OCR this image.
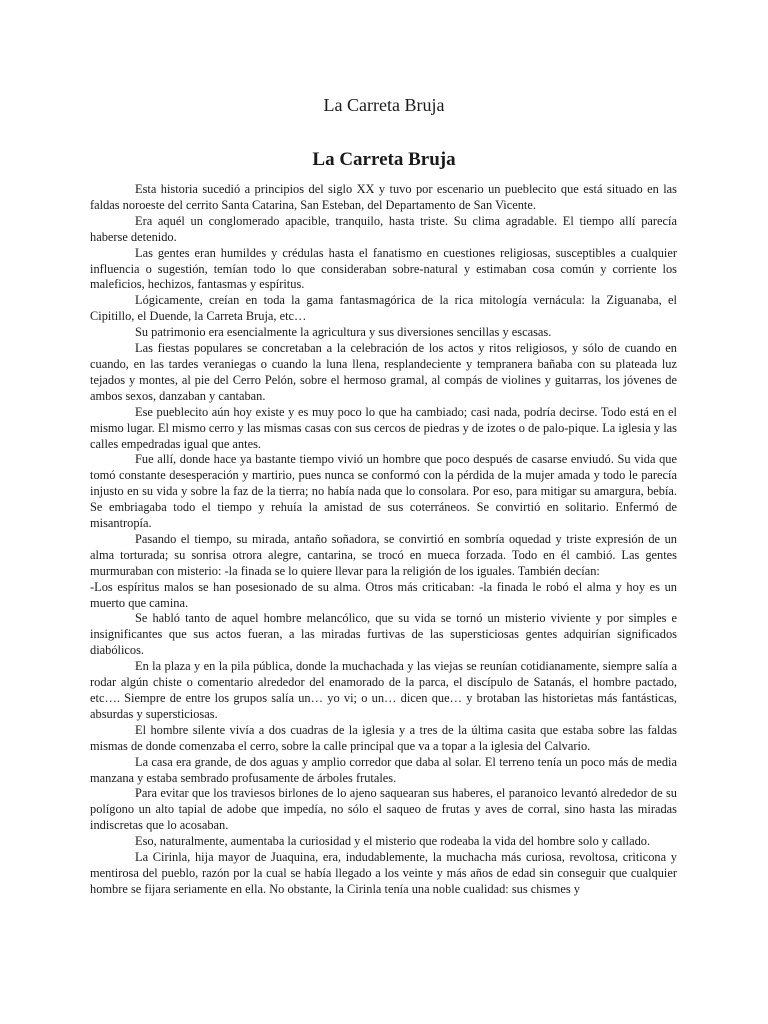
La Carreta Bruja
La Carreta Bruja

Esta historia sucedió a principios del siglo XX y tuvo por escenario un pueblecito que está situado en las faldas noroeste del cerrito Santa Catarina, San Esteban, del Departamento de San Vicente.

Era aquél un conglomerado apacible, tranquilo, hasta triste. Su clima agradable. El tiempo allí parecía haberse detenido.

Las gentes eran humildes y crédulas hasta el fanatismo en cuestiones religiosas, susceptibles a cualquier influencia o sugestión, temían todo lo que consideraban sobre-natural y estimaban cosa común y corriente los maleficios, hechizos, fantasmas y espíritus.

Lógicamente, creían en toda la gama fantasmagórica de la rica mitología vernácula: la Ziguanaba, el Cipitillo, el Duende, la Carreta Bruja, etc…

Su patrimonio era esencialmente la agricultura y sus diversiones sencillas y escasas.

Las fiestas populares se concretaban a la celebración de los actos y ritos religiosos, y sólo de cuando en cuando, en las tardes veraniegas o cuando la luna llena, resplandeciente y tempranera bañaba con su plateada luz tejados y montes, al pie del Cerro Pelón, sobre el hermoso gramal, al compás de violines y guitarras, los jóvenes de ambos sexos, danzaban y cantaban.

Ese pueblecito aún hoy existe y es muy poco lo que ha cambiado; casi nada, podría decirse. Todo está en el mismo lugar. El mismo cerro y las mismas casas con sus cercos de piedras y de izotes o de palo-pique. La iglesia y las calles empedradas igual que antes.

Fue allí, donde hace ya bastante tiempo vivió un hombre que poco después de casarse enviudó. Su vida que tomó constante desesperación y martirio, pues nunca se conformó con la pérdida de la mujer amada y todo le parecía injusto en su vida y sobre la faz de la tierra; no había nada que lo consolara. Por eso, para mitigar su amargura, bebía. Se embriagaba todo el tiempo y rehuía la amistad de sus coterráneos. Se convirtió en solitario. Enfermó de misantropía.

Pasando el tiempo, su mirada, antaño soñadora, se convirtió en sombría oquedad y triste expresión de un alma torturada; su sonrisa otrora alegre, cantarina, se trocó en mueca forzada. Todo en él cambió. Las gentes murmuraban con misterio: -la finada se lo quiere llevar para la religión de los iguales. También decían:

-Los espíritus malos se han posesionado de su alma. Otros más criticaban: -la finada le robó el alma y hoy es un muerto que camina.

Se habló tanto de aquel hombre melancólico, que su vida se tornó un misterio viviente y por simples e insignificantes que sus actos fueran, a las miradas furtivas de las supersticiosas gentes adquirían significados diabólicos.

En la plaza y en la pila pública, donde la muchachada y las viejas se reunían cotidianamente, siempre salía a rodar algún chiste o comentario alrededor del enamorado de la parca, el discípulo de Satanás, el hombre pactado, etc…. Siempre de entre los grupos salía un… yo vi; o un… dicen que… y brotaban las historietas más fantásticas, absurdas y supersticiosas.

El hombre silente vivía a dos cuadras de la iglesia y a tres de la última casita que estaba sobre las faldas mismas de donde comenzaba el cerro, sobre la calle principal que va a topar a la iglesia del Calvario.

La casa era grande, de dos aguas y amplio corredor que daba al solar. El terreno tenía un poco más de media manzana y estaba sembrado profusamente de árboles frutales.

Para evitar que los traviesos birlones de lo ajeno saquearan sus haberes, el paranoico levantó alrededor de su polígono un alto tapial de adobe que impedía, no sólo el saqueo de frutas y aves de corral, sino hasta las miradas indiscretas que lo acosaban.

Eso, naturalmente, aumentaba la curiosidad y el misterio que rodeaba la vida del hombre solo y callado.

La Cirinla, hija mayor de Juaquina, era, indudablemente, la muchacha más curiosa, revoltosa, criticona y mentirosa del pueblo, razón por la cual se había llegado a los veinte y más años de edad sin conseguir que cualquier hombre se fijara seriamente en ella. No obstante, la Cirinla tenía una noble cualidad: sus chismes y
